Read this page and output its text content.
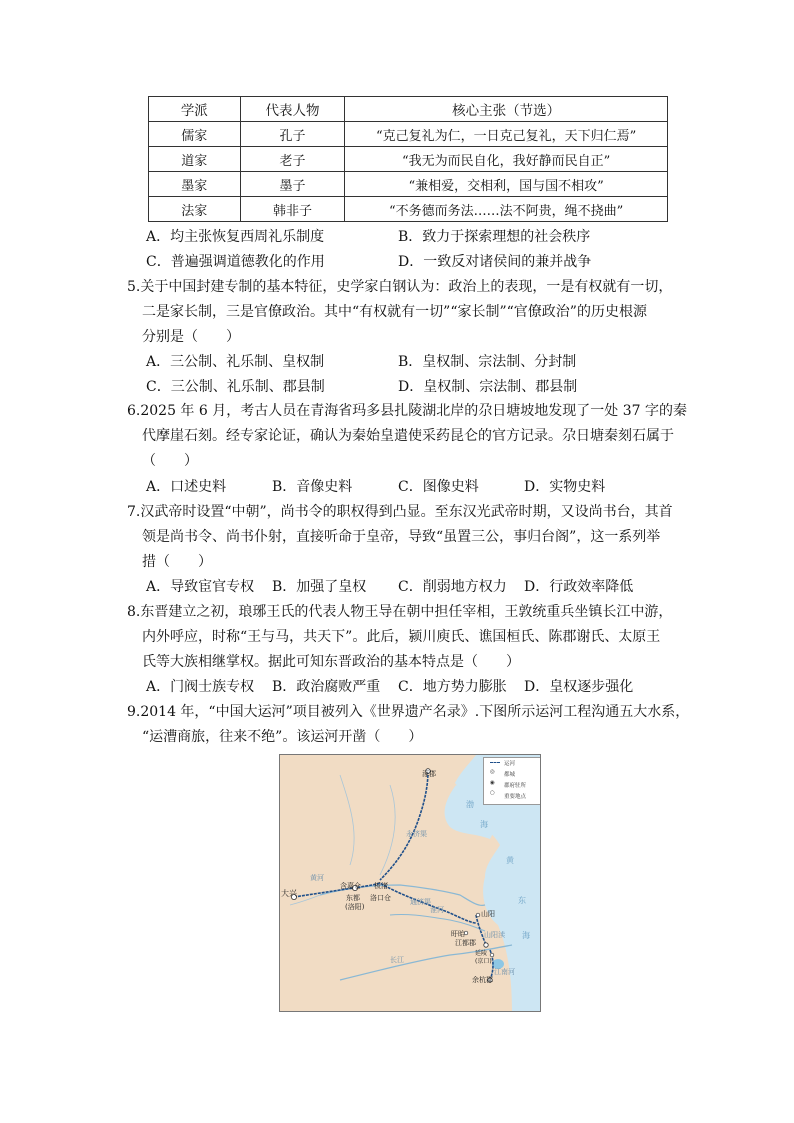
学派	代表人物	核心主张（节选）
儒家	孔子	“克己复礼为仁，一日克己复礼，天下归仁焉”
道家	老子	“我无为而民自化，我好静而民自正”
墨家	墨子	“兼相爱，交相利，国与国不相攻”
法家	韩非子	“不务德而务法……法不阿贵，绳不挠曲”
A．均主张恢复西周礼乐制度	B．致力于探索理想的社会秩序
C．普遍强调道德教化的作用	D．一致反对诸侯间的兼并战争
5.关于中国封建专制的基本特征，史学家白钢认为：政治上的表现，一是有权就有一切，
二是家长制，三是官僚政治。其中“有权就有一切”“家长制”“官僚政治”的历史根源
分别是（　　）
A．三公制、礼乐制、皇权制	B．皇权制、宗法制、分封制
C．三公制、礼乐制、郡县制	D．皇权制、宗法制、郡县制
6.2025 年 6 月，考古人员在青海省玛多县扎陵湖北岸的尕日塘坡地发现了一处 37 字的秦
代摩崖石刻。经专家论证，确认为秦始皇遣使采药昆仑的官方记录。尕日塘秦刻石属于
（　　）
A．口述史料	B．音像史料	C．图像史料	D．实物史料
7.汉武帝时设置“中朝”，尚书令的职权得到凸显。至东汉光武帝时期，又设尚书台，其首
领是尚书令、尚书仆射，直接听命于皇帝，导致“虽置三公，事归台阁”，这一系列举
措（　　）
A．导致宦官专权 B．加强了皇权 C．削弱地方权力 D．行政效率降低
8.东晋建立之初，琅琊王氏的代表人物王导在朝中担任宰相，王敦统重兵坐镇长江中游，
内外呼应，时称“王与马，共天下”。此后，颍川庾氏、谯国桓氏、陈郡谢氏、太原王
氏等大族相继掌权。据此可知东晋政治的基本特点是（　　）
A．门阀士族专权 B．政治腐败严重 C．地方势力膨胀 D．皇权逐步强化
9.2014 年，“中国大运河”项目被列入《世界遗产名录》.下图所示运河工程沟通五大水系，
“运漕商旅，往来不绝”。该运河开凿（　　）
运河
◎ 都城
◉ 郡府驻所
○
重要地点
涿郡
大兴	东都
(洛阳)
含嘉仓
洛口仓
板渚
山阳
盱眙
江都郡
延陵
(京口)
余杭郡
永济渠
通济渠
山阳渎
江南河
黄河
淮河
长江
渤
海
黄
东
海
